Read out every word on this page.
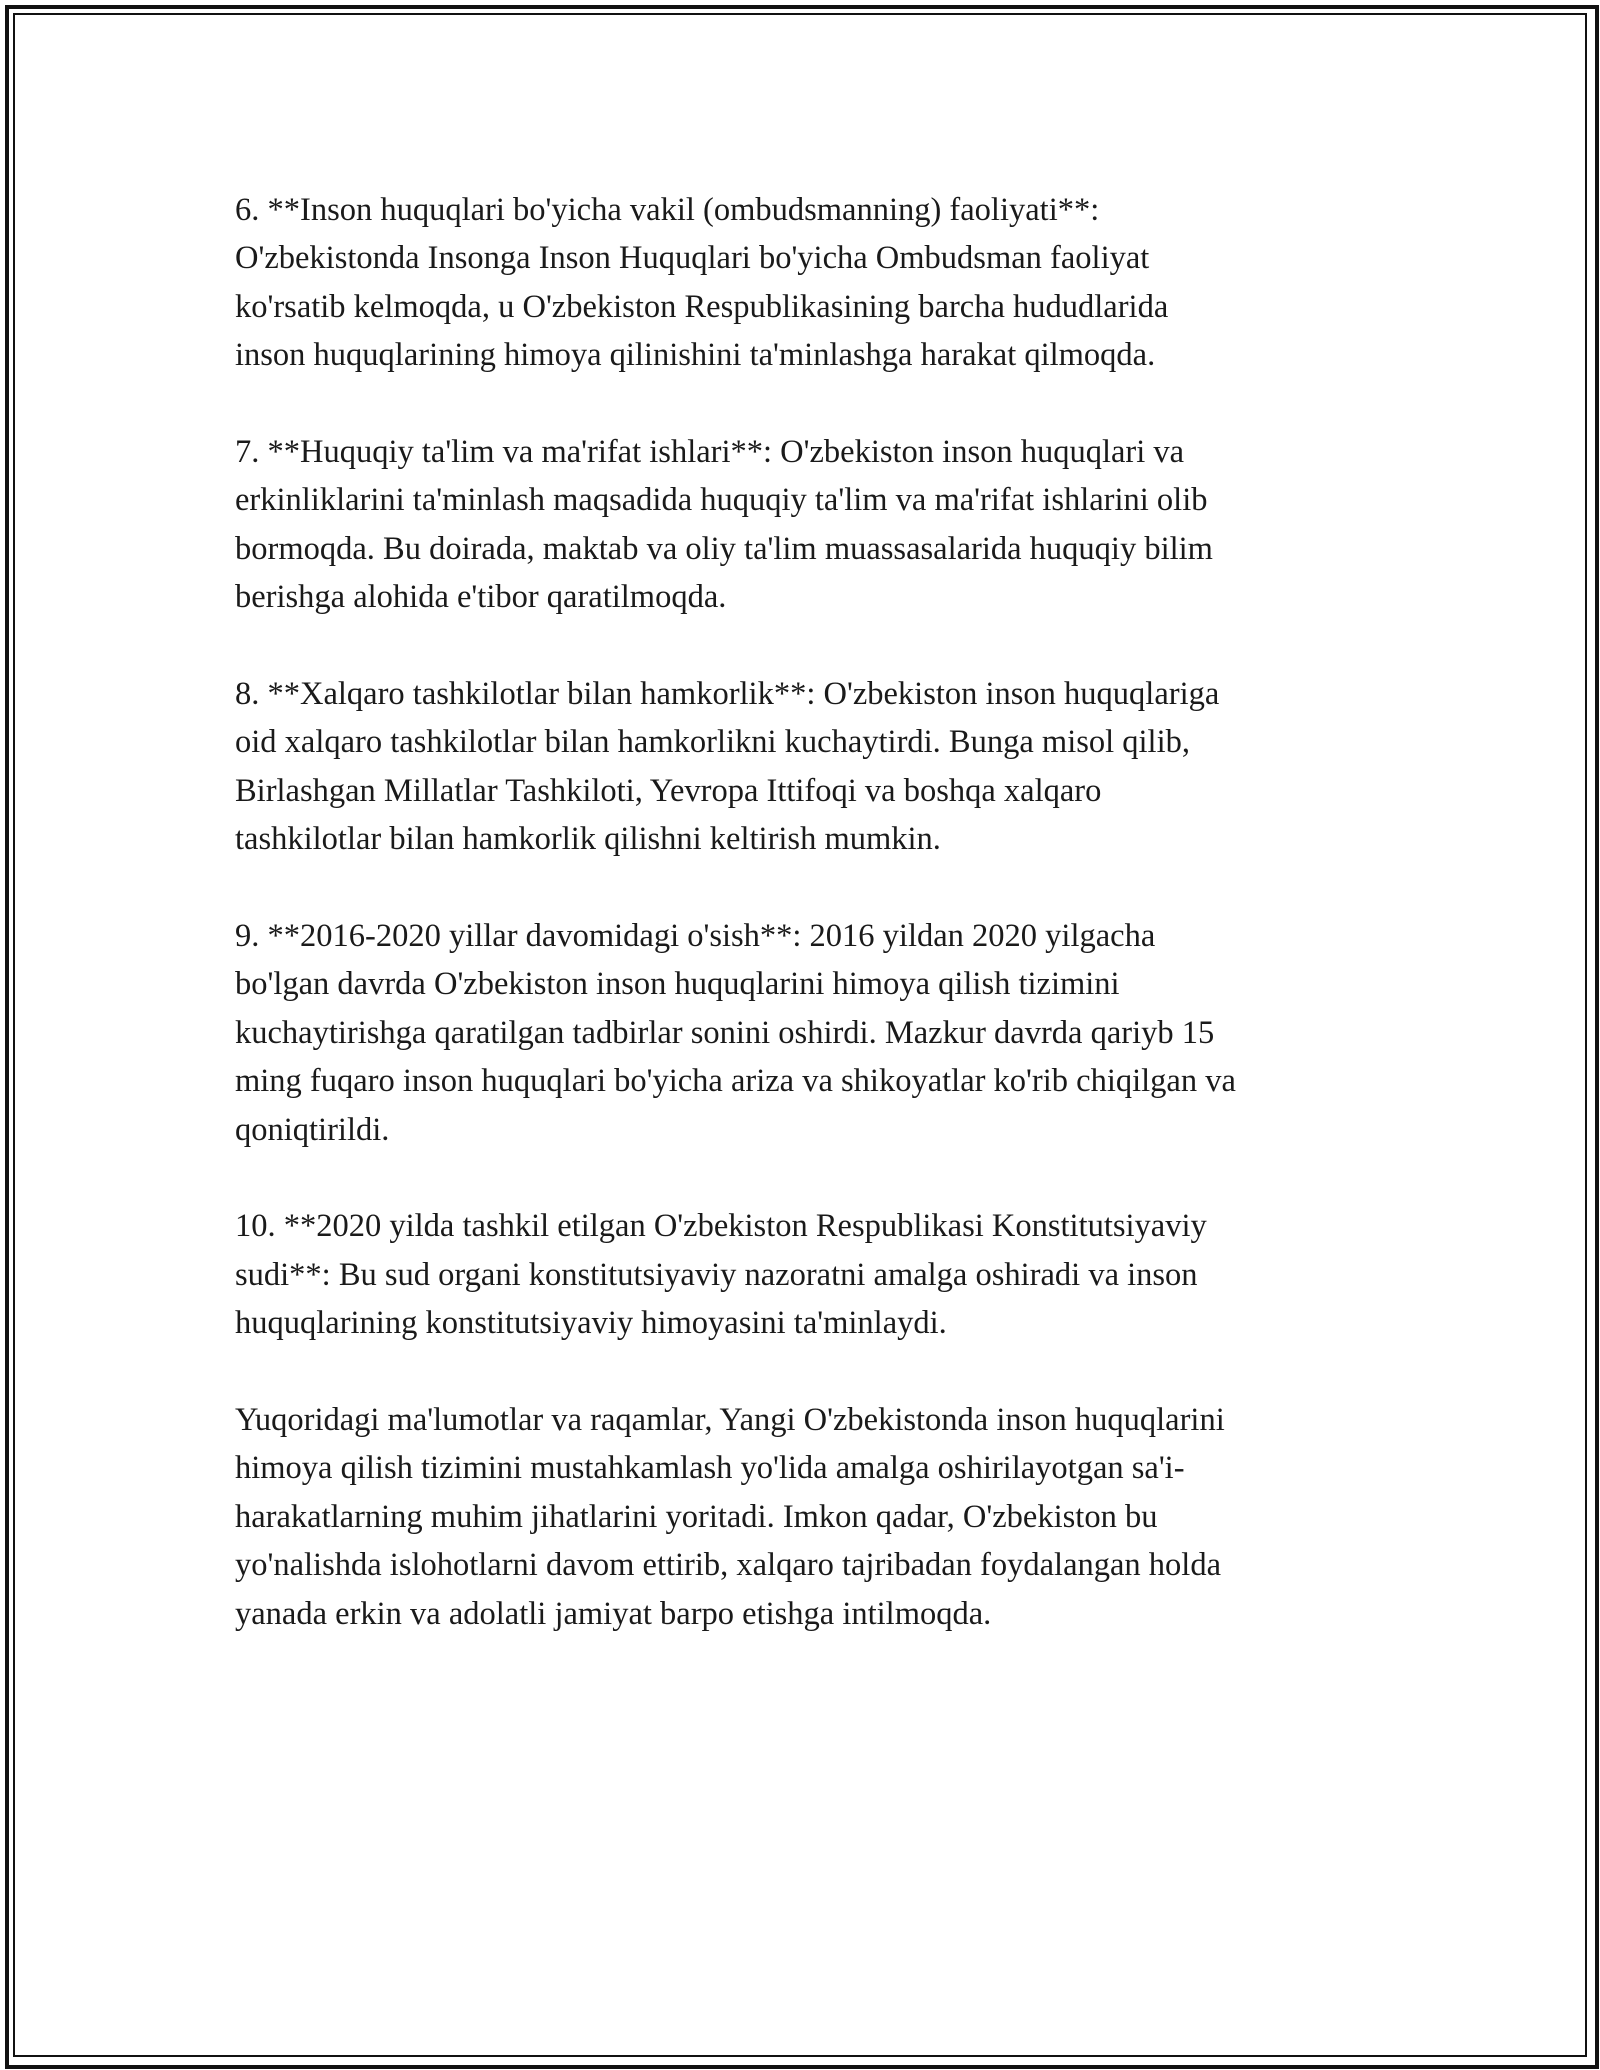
6. **Inson huquqlari bo'yicha vakil (ombudsmanning) faoliyati**:
O'zbekistonda Insonga Inson Huquqlari bo'yicha Ombudsman faoliyat
ko'rsatib kelmoqda, u O'zbekiston Respublikasining barcha hududlarida
inson huquqlarining himoya qilinishini ta'minlashga harakat qilmoqda.

7. **Huquqiy ta'lim va ma'rifat ishlari**: O'zbekiston inson huquqlari va
erkinliklarini ta'minlash maqsadida huquqiy ta'lim va ma'rifat ishlarini olib
bormoqda. Bu doirada, maktab va oliy ta'lim muassasalarida huquqiy bilim
berishga alohida e'tibor qaratilmoqda.

8. **Xalqaro tashkilotlar bilan hamkorlik**: O'zbekiston inson huquqlariga
oid xalqaro tashkilotlar bilan hamkorlikni kuchaytirdi. Bunga misol qilib,
Birlashgan Millatlar Tashkiloti, Yevropa Ittifoqi va boshqa xalqaro
tashkilotlar bilan hamkorlik qilishni keltirish mumkin.

9. **2016-2020 yillar davomidagi o'sish**: 2016 yildan 2020 yilgacha
bo'lgan davrda O'zbekiston inson huquqlarini himoya qilish tizimini
kuchaytirishga qaratilgan tadbirlar sonini oshirdi. Mazkur davrda qariyb 15
ming fuqaro inson huquqlari bo'yicha ariza va shikoyatlar ko'rib chiqilgan va
qoniqtirildi.

10. **2020 yilda tashkil etilgan O'zbekiston Respublikasi Konstitutsiyaviy
sudi**: Bu sud organi konstitutsiyaviy nazoratni amalga oshiradi va inson
huquqlarining konstitutsiyaviy himoyasini ta'minlaydi.

Yuqoridagi ma'lumotlar va raqamlar, Yangi O'zbekistonda inson huquqlarini
himoya qilish tizimini mustahkamlash yo'lida amalga oshirilayotgan sa'i-
harakatlarning muhim jihatlarini yoritadi. Imkon qadar, O'zbekiston bu
yo'nalishda islohotlarni davom ettirib, xalqaro tajribadan foydalangan holda
yanada erkin va adolatli jamiyat barpo etishga intilmoqda.
